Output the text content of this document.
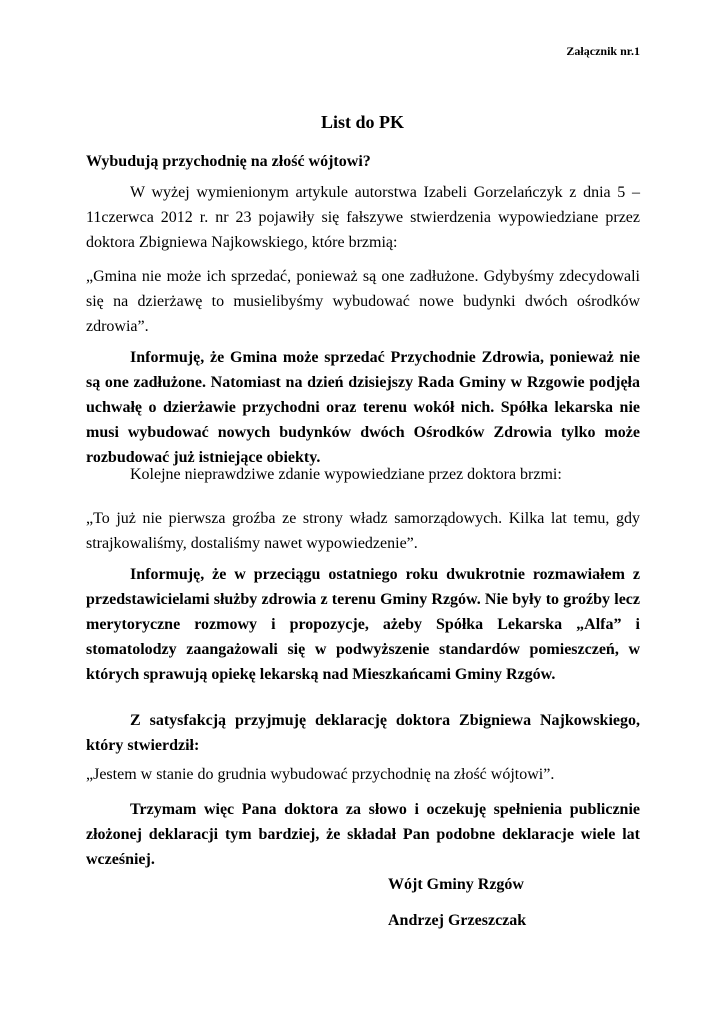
Załącznik nr.1
List do PK
Wybudują przychodnię na złość wójtowi?

W wyżej wymienionym artykule autorstwa Izabeli Gorzelańczyk z dnia 5 – 11czerwca 2012 r. nr 23 pojawiły się fałszywe stwierdzenia wypowiedziane przez doktora Zbigniewa Najkowskiego, które brzmią:

„Gmina nie może ich sprzedać, ponieważ są one zadłużone. Gdybyśmy zdecydowali się na dzierżawę to musielibyśmy wybudować nowe budynki dwóch ośrodków zdrowia”.

Informuję, że Gmina może sprzedać Przychodnie Zdrowia, ponieważ nie są one zadłużone. Natomiast na dzień dzisiejszy Rada Gminy w Rzgowie podjęła uchwałę o dzierżawie przychodni oraz terenu wokół nich. Spółka lekarska nie musi wybudować nowych budynków dwóch Ośrodków Zdrowia tylko może rozbudować już istniejące obiekty.

Kolejne nieprawdziwe zdanie wypowiedziane przez doktora brzmi:

„To już nie pierwsza groźba ze strony władz samorządowych. Kilka lat temu, gdy strajkowaliśmy, dostaliśmy nawet wypowiedzenie”.

Informuję, że w przeciągu ostatniego roku dwukrotnie rozmawiałem z przedstawicielami służby zdrowia z terenu Gminy Rzgów. Nie były to groźby lecz merytoryczne rozmowy i propozycje, ażeby Spółka Lekarska „Alfa” i stomatolodzy zaangażowali się w podwyższenie standardów pomieszczeń, w których sprawują opiekę lekarską nad Mieszkańcami Gminy Rzgów.

Z satysfakcją przyjmuję deklarację doktora Zbigniewa Najkowskiego, który stwierdził:

„Jestem w stanie do grudnia wybudować przychodnię na złość wójtowi”.

Trzymam więc Pana doktora za słowo i oczekuję spełnienia publicznie złożonej deklaracji tym bardziej, że składał Pan podobne deklaracje wiele lat wcześniej.

Wójt Gminy Rzgów
Andrzej Grzeszczak
